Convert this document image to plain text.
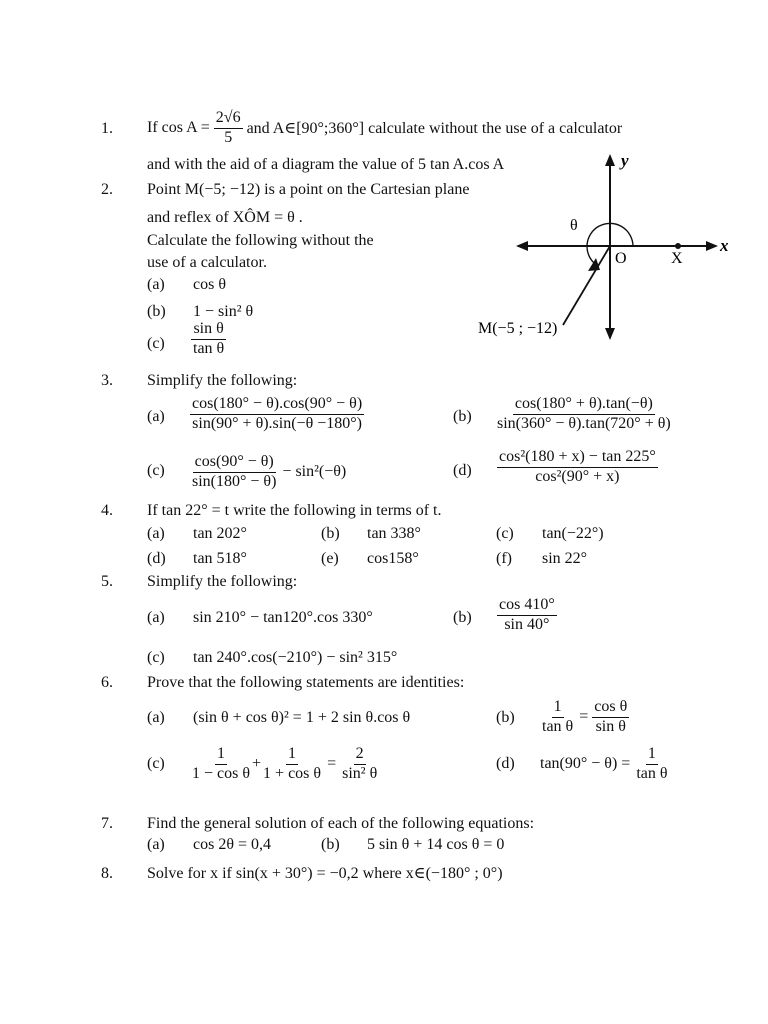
1. If cos A =
$\frac{2√6}{5}$
and A∈[90°;360°] calculate without the use of a calculator
and with the aid of a diagram the value of 5 tan A.cos A
2. Point M(−5; −12) is a point on the Cartesian plane
and reflex of XÔM = θ .
Calculate the following without the
use of a calculator.
(a) cos θ
(b) 1 − sin² θ
$(c) \frac{\text{sin θ}}{\text{tan θ}}$
y
x
θ
O	X
M(−5 ; −12)
3. Simplify the following:
$(a) \frac{\cos(180^\circ - \theta).\cos(90^\circ - \theta)}{\sin(90^\circ + \theta).\sin(-\theta -180^\circ)}$	$(b) \frac{\cos(180^\circ + \theta).\tan(-\theta)}{\sin(360^\circ - \theta).\tan(720^\circ + \theta)}$
$(c) \frac{\cos(90^\circ - \theta)}{\sin(180^\circ - \theta)}$
− sin²(−θ)	$(d) \frac{\text{cos²(180 + x) − tan 225°}}{\text{cos²(90° + x)}}$
4. If tan 22° = t write the following in terms of t.
(a) tan 202°	(b) tan 338°	(c) tan(−22°)
(d) tan 518°	(e) cos158°	(f) sin 22°
5. Simplify the following:
(a) sin 210° − tan120°.cos 330°	$(b) \frac{\cos 410^\circ}{\sin 40^\circ}$
(c) tan 240°.cos(−210°) − sin² 315°
6. Prove that the following statements are identities:
(a) (sin θ + cos θ)² = 1 + 2 sin θ.cos θ	$(b) \frac{1}{\text{tan θ}} = \frac{\text{cos θ}}{\text{sin θ}}$
$(c) \frac{1}{\text{1 − cos θ}} + \frac{1}{\text{1 + cos θ}} = \frac{2}{\text{sin² θ}}$	(d) tan(90° − θ) =
$\frac{1}{\text{tan θ}}$
7. Find the general solution of each of the following equations:
(a) cos 2θ = 0,4	(b) 5 sin θ + 14 cos θ = 0
8. Solve for x if sin(x + 30°) = −0,2 where x∈(−180° ; 0°)
